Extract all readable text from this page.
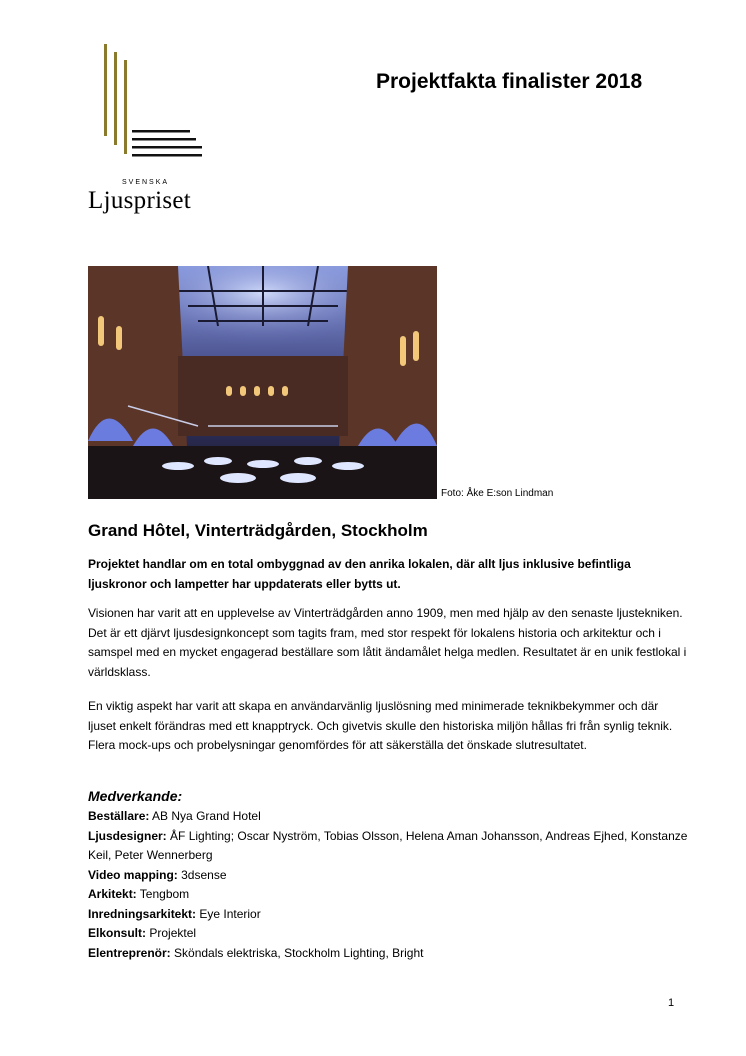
SVENSKA
Ljuspriset
Projektfakta finalister 2018
Foto: Åke E:son Lindman
Grand Hôtel, Vinterträdgården, Stockholm
Projektet handlar om en total ombyggnad av den anrika lokalen, där allt ljus inklusive befintliga ljuskronor och lampetter har uppdaterats eller bytts ut.
Visionen har varit att en upplevelse av Vinterträdgården anno 1909, men med hjälp av den senaste ljustekniken. Det är ett djärvt ljusdesignkoncept som tagits fram, med stor respekt för lokalens historia och arkitektur och i samspel med en mycket engagerad beställare som låtit ändamålet helga medlen. Resultatet är en unik festlokal i världsklass.
En viktig aspekt har varit att skapa en användarvänlig ljuslösning med minimerade teknikbekymmer och där ljuset enkelt förändras med ett knapptryck. Och givetvis skulle den historiska miljön hållas fri från synlig teknik. Flera mock-ups och probelysningar genomfördes för att säkerställa det önskade slutresultatet.
Medverkande:
Beställare: AB Nya Grand Hotel
Ljusdesigner: ÅF Lighting; Oscar Nyström, Tobias Olsson, Helena Aman Johansson, Andreas Ejhed, Konstanze Keil, Peter Wennerberg
Video mapping: 3dsense
Arkitekt: Tengbom
Inredningsarkitekt: Eye Interior
Elkonsult: Projektel
Elentreprenör: Sköndals elektriska, Stockholm Lighting, Bright
1
